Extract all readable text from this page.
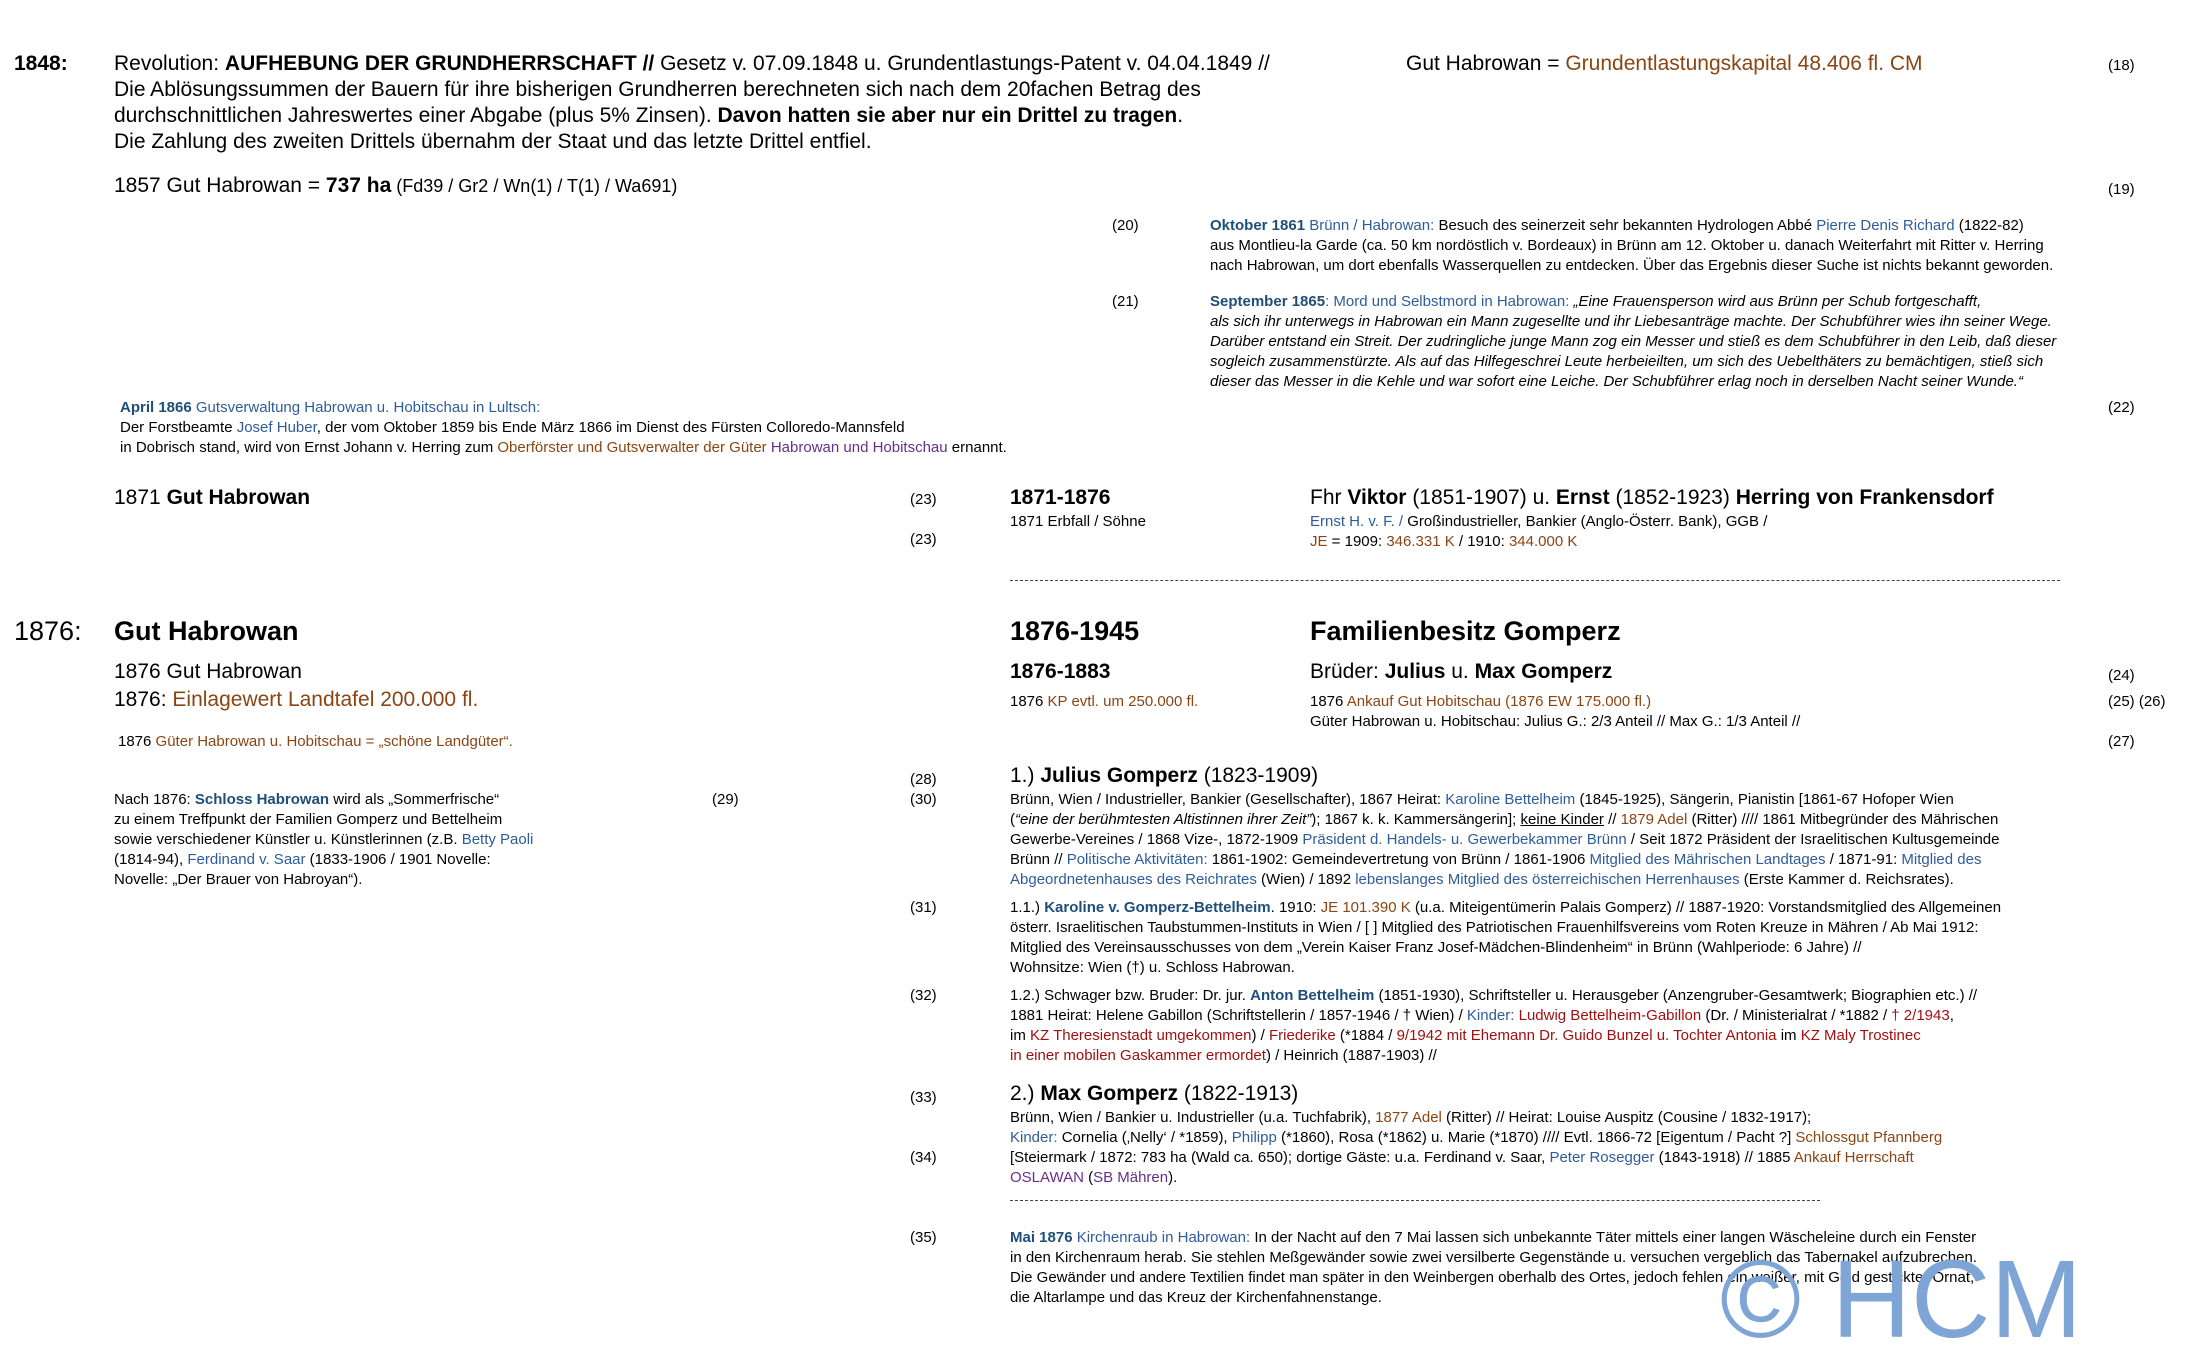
1848: Revolution: AUFHEBUNG DER GRUNDHERRSCHAFT // Gesetz v. 07.09.1848 u. Grundentlastungs-Patent v. 04.04.1849 //
Die Ablösungssummen der Bauern für ihre bisherigen Grundherren berechneten sich nach dem 20fachen Betrag des
durchschnittlichen Jahreswertes einer Abgabe (plus 5% Zinsen). Davon hatten sie aber nur ein Drittel zu tragen.
Die Zahlung des zweiten Drittels übernahm der Staat und das letzte Drittel entfiel.
Gut Habrowan = Grundentlastungskapital 48.406 fl. CM	(18)
1857 Gut Habrowan = 737 ha (Fd39 / Gr2 / Wn(1) / T(1) / Wa691)	(19)
(20)	Oktober 1861 Brünn / Habrowan: Besuch des seinerzeit sehr bekannten Hydrologen Abbé Pierre Denis Richard (1822-82)
aus Montlieu-la Garde (ca. 50 km nordöstlich v. Bordeaux) in Brünn am 12. Oktober u. danach Weiterfahrt mit Ritter v. Herring
nach Habrowan, um dort ebenfalls Wasserquellen zu entdecken. Über das Ergebnis dieser Suche ist nichts bekannt geworden.
(21)	September 1865: Mord und Selbstmord in Habrowan: „Eine Frauensperson wird aus Brünn per Schub fortgeschafft,
als sich ihr unterwegs in Habrowan ein Mann zugesellte und ihr Liebesanträge machte. Der Schubführer wies ihn seiner Wege.
Darüber entstand ein Streit. Der zudringliche junge Mann zog ein Messer und stieß es dem Schubführer in den Leib, daß dieser
sogleich zusammenstürzte. Als auf das Hilfegeschrei Leute herbeieilten, um sich des Uebelthäters zu bemächtigen, stieß sich
dieser das Messer in die Kehle und war sofort eine Leiche. Der Schubführer erlag noch in derselben Nacht seiner Wunde.“
(22)
April 1866 Gutsverwaltung Habrowan u. Hobitschau in Lultsch:
Der Forstbeamte Josef Huber, der vom Oktober 1859 bis Ende März 1866 im Dienst des Fürsten Colloredo-Mannsfeld
in Dobrisch stand, wird von Ernst Johann v. Herring zum Oberförster und Gutsverwalter der Güter Habrowan und Hobitschau ernannt.
1871 Gut Habrowan	(23)
(23)
1871-1876
1871 Erbfall / Söhne
Fhr Viktor (1851-1907) u. Ernst (1852-1923) Herring von Frankensdorf
Ernst H. v. F. / Großindustrieller, Bankier (Anglo-Österr. Bank), GGB /
JE = 1909: 346.331 K / 1910: 344.000 K
1876: Gut Habrowan
1876 Gut Habrowan
1876: Einlagewert Landtafel 200.000 fl.
1876 Güter Habrowan u. Hobitschau = „schöne Landgüter“.
1876-1945	Familienbesitz Gomperz
1876-1883	Brüder: Julius u. Max Gomperz	(24)
1876 KP evtl. um 250.000 fl.	1876 Ankauf Gut Hobitschau (1876 EW 175.000 fl.)	(25) (26)
Güter Habrowan u. Hobitschau: Julius G.: 2/3 Anteil // Max G.: 1/3 Anteil //
(27)
(28)
(29)	(30)
Nach 1876: Schloss Habrowan wird als „Sommerfrische“
zu einem Treffpunkt der Familien Gomperz und Bettelheim
sowie verschiedener Künstler u. Künstlerinnen (z.B. Betty Paoli
(1814-94), Ferdinand v. Saar (1833-1906 / 1901 Novelle:
Novelle: „Der Brauer von Habroyan“).
1.) Julius Gomperz (1823-1909)
Brünn, Wien / Industrieller, Bankier (Gesellschafter), 1867 Heirat: Karoline Bettelheim (1845-1925), Sängerin, Pianistin [1861-67 Hofoper Wien
(“eine der berühmtesten Altistinnen ihrer Zeit”); 1867 k. k. Kammersängerin]; keine Kinder // 1879 Adel (Ritter) //// 1861 Mitbegründer des Mährischen
Gewerbe-Vereines / 1868 Vize-, 1872-1909 Präsident d. Handels- u. Gewerbekammer Brünn / Seit 1872 Präsident der Israelitischen Kultusgemeinde
Brünn // Politische Aktivitäten: 1861-1902: Gemeindevertretung von Brünn / 1861-1906 Mitglied des Mährischen Landtages / 1871-91: Mitglied des
Abgeordnetenhauses des Reichrates (Wien) / 1892 lebenslanges Mitglied des österreichischen Herrenhauses (Erste Kammer d. Reichsrates).
(31)	1.1.) Karoline v. Gomperz-Bettelheim. 1910: JE 101.390 K (u.a. Miteigentümerin Palais Gomperz) // 1887-1920: Vorstandsmitglied des Allgemeinen
österr. Israelitischen Taubstummen-Instituts in Wien / [ ] Mitglied des Patriotischen Frauenhilfsvereins vom Roten Kreuze in Mähren / Ab Mai 1912:
Mitglied des Vereinsausschusses von dem „Verein Kaiser Franz Josef-Mädchen-Blindenheim“ in Brünn (Wahlperiode: 6 Jahre) //
Wohnsitze: Wien (†) u. Schloss Habrowan.
(32)	1.2.) Schwager bzw. Bruder: Dr. jur. Anton Bettelheim (1851-1930), Schriftsteller u. Herausgeber (Anzengruber-Gesamtwerk; Biographien etc.) //
1881 Heirat: Helene Gabillon (Schriftstellerin / 1857-1946 / † Wien) / Kinder: Ludwig Bettelheim-Gabillon (Dr. / Ministerialrat / *1882 / † 2/1943,
im KZ Theresienstadt umgekommen) / Friederike (*1884 / 9/1942 mit Ehemann Dr. Guido Bunzel u. Tochter Antonia im KZ Maly Trostinec
in einer mobilen Gaskammer ermordet) / Heinrich (1887-1903) //
(33)	2.) Max Gomperz (1822-1913)
Brünn, Wien / Bankier u. Industrieller (u.a. Tuchfabrik), 1877 Adel (Ritter) // Heirat: Louise Auspitz (Cousine / 1832-1917);
Kinder: Cornelia (‚Nelly‘ / *1859), Philipp (*1860), Rosa (*1862) u. Marie (*1870) //// Evtl. 1866-72 [Eigentum / Pacht ?] Schlossgut Pfannberg
(34)	[Steiermark / 1872: 783 ha (Wald ca. 650); dortige Gäste: u.a. Ferdinand v. Saar, Peter Rosegger (1843-1918) // 1885 Ankauf Herrschaft
OSLAWAN (SB Mähren).
(35)	Mai 1876 Kirchenraub in Habrowan: In der Nacht auf den 7 Mai lassen sich unbekannte Täter mittels einer langen Wäscheleine durch ein Fenster
in den Kirchenraum herab. Sie stehlen Meßgewänder sowie zwei versilberte Gegenstände u. versuchen vergeblich das Tabernakel aufzubrechen.
Die Gewänder und andere Textilien findet man später in den Weinbergen oberhalb des Ortes, jedoch fehlen ein weißer, mit Gold gestickter Ornat,
die Altarlampe und das Kreuz der Kirchenfahnenstange.	© HCM
